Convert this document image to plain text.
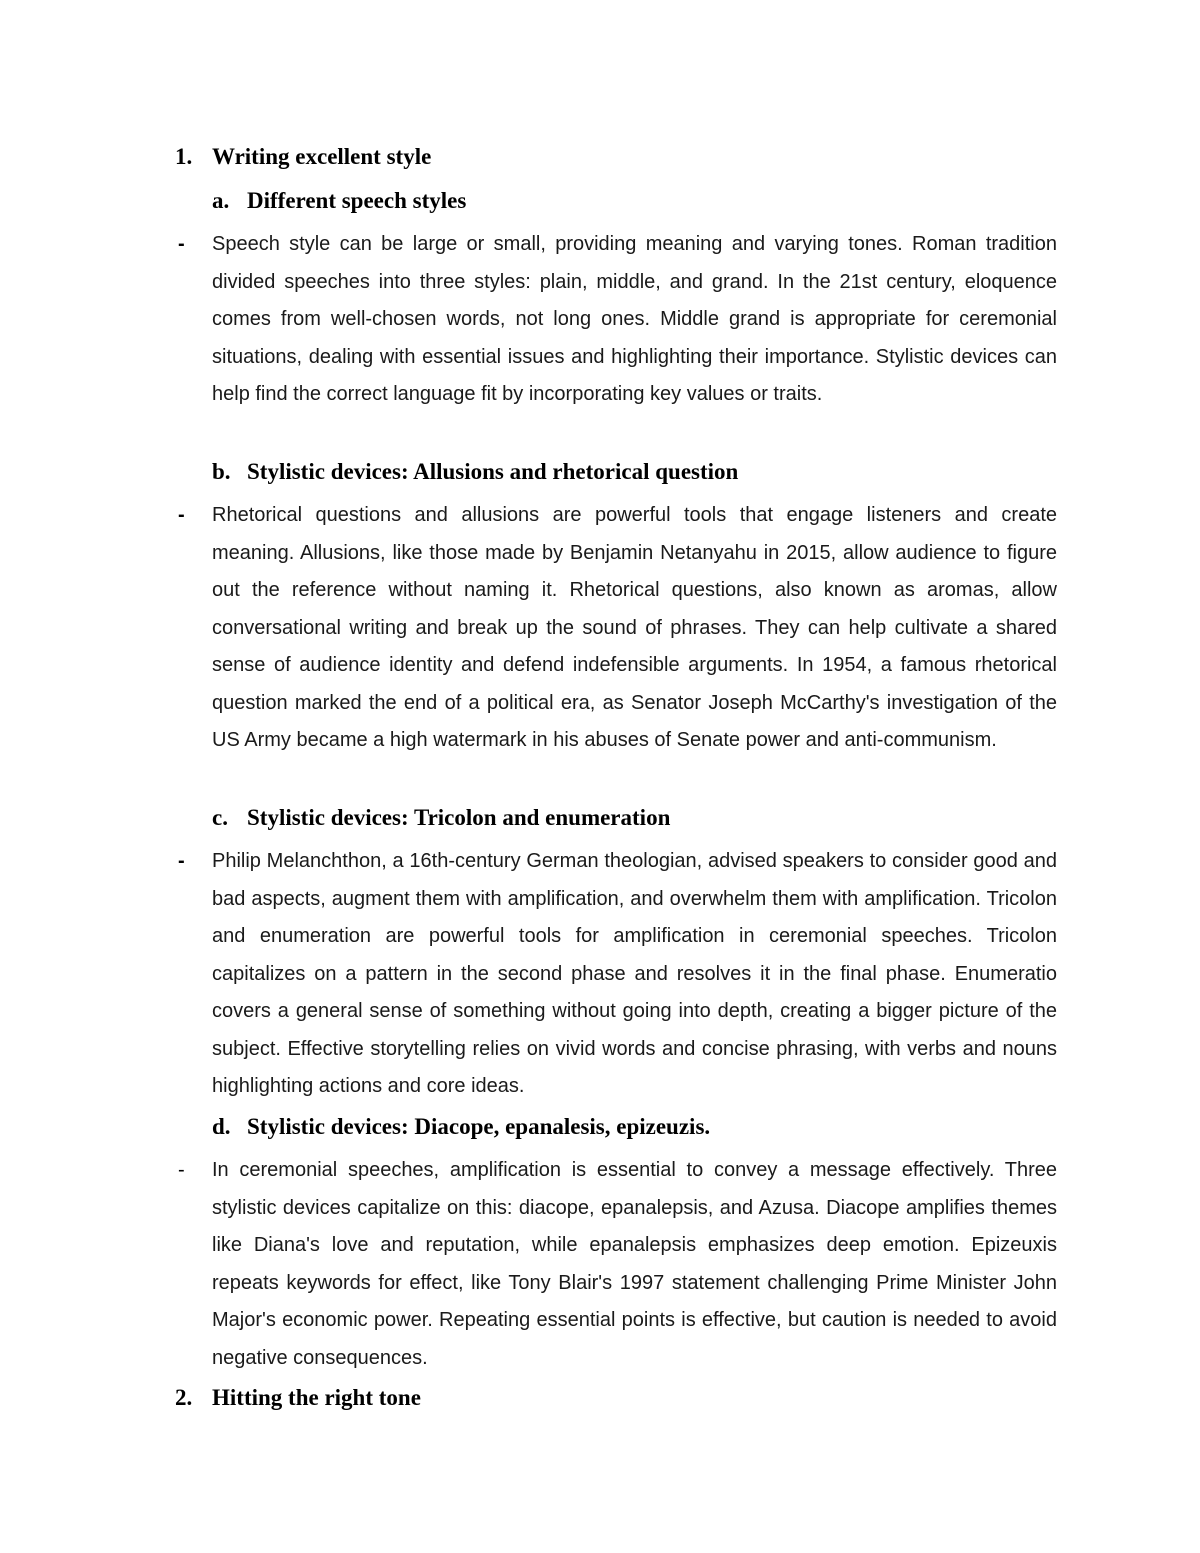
1. Writing excellent style
a. Different speech styles
- Speech style can be large or small, providing meaning and varying tones. Roman tradition divided speeches into three styles: plain, middle, and grand. In the 21st century, eloquence comes from well-chosen words, not long ones. Middle grand is appropriate for ceremonial situations, dealing with essential issues and highlighting their importance. Stylistic devices can help find the correct language fit by incorporating key values or traits.
b. Stylistic devices: Allusions and rhetorical question
- Rhetorical questions and allusions are powerful tools that engage listeners and create meaning. Allusions, like those made by Benjamin Netanyahu in 2015, allow audience to figure out the reference without naming it. Rhetorical questions, also known as aromas, allow conversational writing and break up the sound of phrases. They can help cultivate a shared sense of audience identity and defend indefensible arguments. In 1954, a famous rhetorical question marked the end of a political era, as Senator Joseph McCarthy's investigation of the US Army became a high watermark in his abuses of Senate power and anti-communism.
c. Stylistic devices: Tricolon and enumeration
- Philip Melanchthon, a 16th-century German theologian, advised speakers to consider good and bad aspects, augment them with amplification, and overwhelm them with amplification. Tricolon and enumeration are powerful tools for amplification in ceremonial speeches. Tricolon capitalizes on a pattern in the second phase and resolves it in the final phase. Enumeratio covers a general sense of something without going into depth, creating a bigger picture of the subject. Effective storytelling relies on vivid words and concise phrasing, with verbs and nouns highlighting actions and core ideas.
d. Stylistic devices: Diacope, epanalesis, epizeuzis.
- In ceremonial speeches, amplification is essential to convey a message effectively. Three stylistic devices capitalize on this: diacope, epanalepsis, and Azusa. Diacope amplifies themes like Diana's love and reputation, while epanalepsis emphasizes deep emotion. Epizeuxis repeats keywords for effect, like Tony Blair's 1997 statement challenging Prime Minister John Major's economic power. Repeating essential points is effective, but caution is needed to avoid negative consequences.
2. Hitting the right tone
